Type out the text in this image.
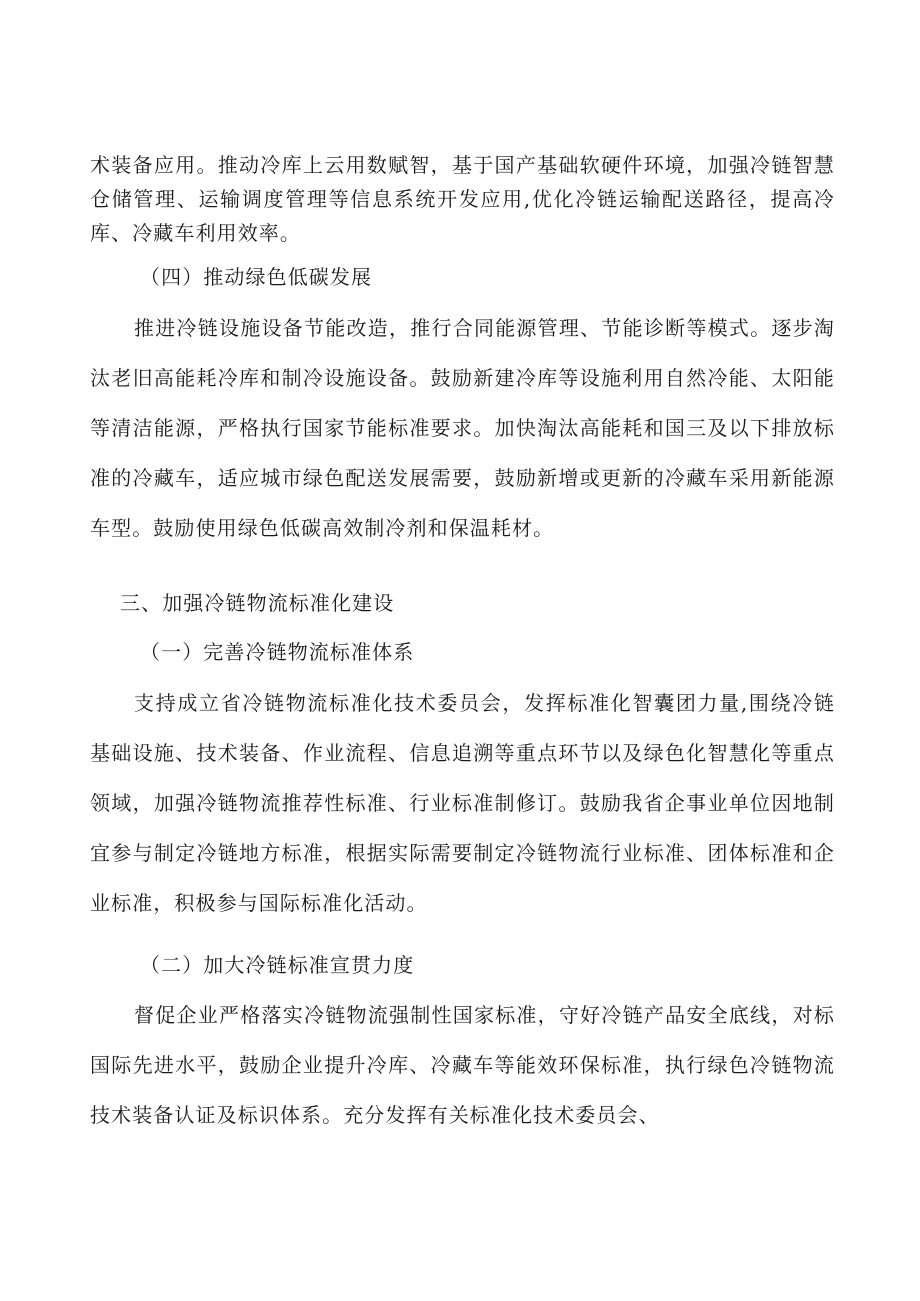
术装备应用。推动冷库上云用数赋智，基于国产基础软硬件环境，加强冷链智慧仓储管理、运输调度管理等信息系统开发应用,优化冷链运输配送路径，提高冷库、冷藏车利用效率。

（四）推动绿色低碳发展

推进冷链设施设备节能改造，推行合同能源管理、节能诊断等模式。逐步淘汰老旧高能耗冷库和制冷设施设备。鼓励新建冷库等设施利用自然冷能、太阳能等清洁能源，严格执行国家节能标准要求。加快淘汰高能耗和国三及以下排放标准的冷藏车，适应城市绿色配送发展需要，鼓励新增或更新的冷藏车采用新能源车型。鼓励使用绿色低碳高效制冷剂和保温耗材。

三、加强冷链物流标准化建设

（一）完善冷链物流标准体系

支持成立省冷链物流标准化技术委员会，发挥标准化智囊团力量,围绕冷链基础设施、技术装备、作业流程、信息追溯等重点环节以及绿色化智慧化等重点领域，加强冷链物流推荐性标准、行业标准制修订。鼓励我省企事业单位因地制宜参与制定冷链地方标准，根据实际需要制定冷链物流行业标准、团体标准和企业标准，积极参与国际标准化活动。

（二）加大冷链标准宣贯力度

督促企业严格落实冷链物流强制性国家标准，守好冷链产品安全底线，对标国际先进水平，鼓励企业提升冷库、冷藏车等能效环保标准，执行绿色冷链物流技术装备认证及标识体系。充分发挥有关标准化技术委员会、
